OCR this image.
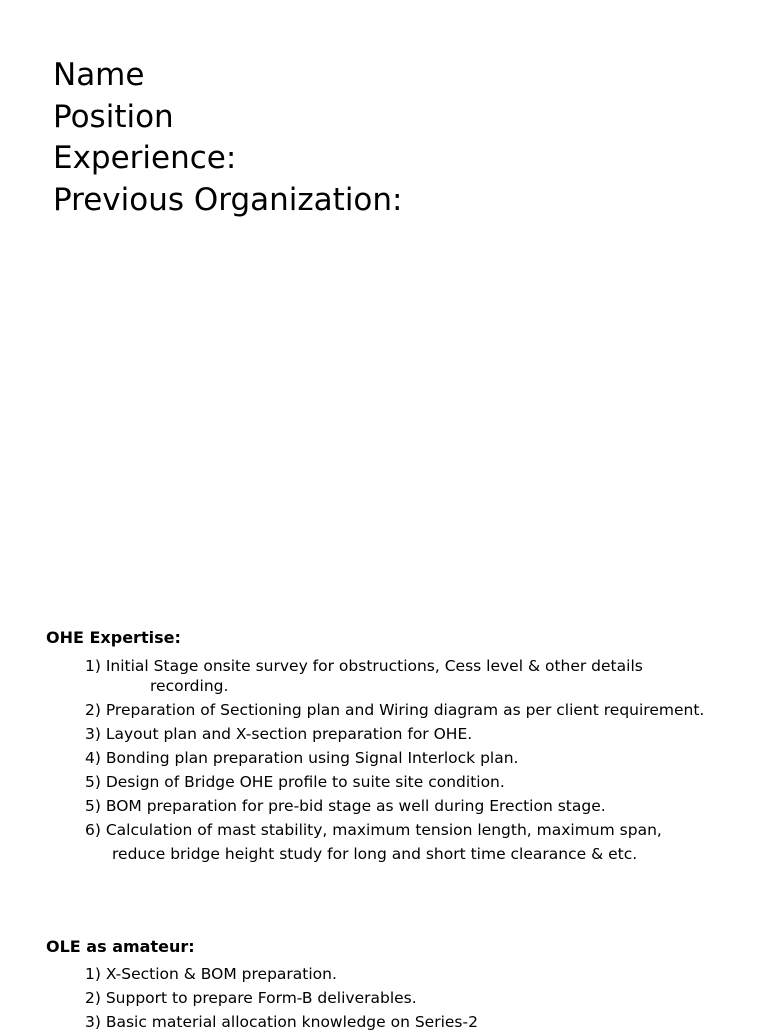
Name
Position
Experience:
Previous Organization:
OHE Expertise:
1) Initial Stage onsite survey for obstructions, Cess level & other details
recording.
2) Preparation of Sectioning plan and Wiring diagram as per client requirement.
3) Layout plan and X-section preparation for OHE.
4) Bonding plan preparation using Signal Interlock plan.
5) Design of Bridge OHE profile to suite site condition.
5) BOM preparation for pre-bid stage as well during Erection stage.
6) Calculation of mast stability, maximum tension length, maximum span,
reduce bridge height study for long and short time clearance & etc.
OLE as amateur:
1) X-Section & BOM preparation.
2) Support to prepare Form-B deliverables.
3) Basic material allocation knowledge on Series-2
